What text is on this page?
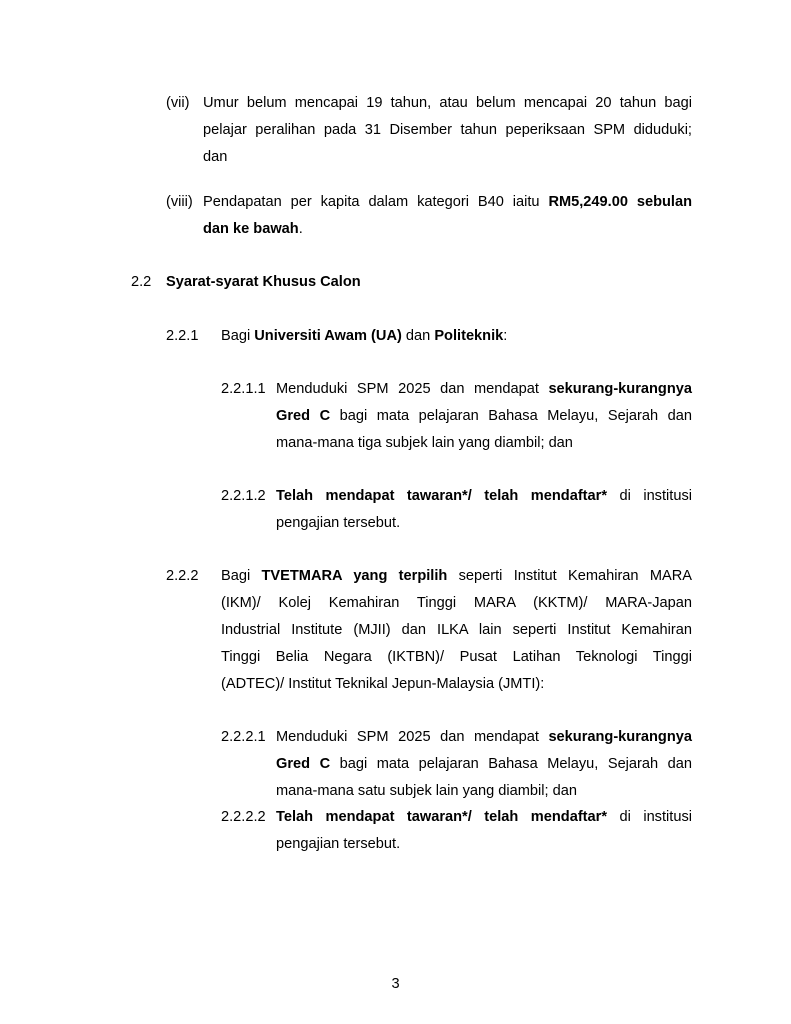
(vii) Umur belum mencapai 19 tahun, atau belum mencapai 20 tahun bagi
pelajar peralihan pada 31 Disember tahun peperiksaan SPM diduduki;
dan
(viii) Pendapatan per kapita dalam kategori B40 iaitu RM5,249.00 sebulan
dan ke bawah.
2.2 Syarat-syarat Khusus Calon
2.2.1 Bagi Universiti Awam (UA) dan Politeknik:
2.2.1.1 Menduduki SPM 2025 dan mendapat sekurang-kurangnya
Gred C bagi mata pelajaran Bahasa Melayu, Sejarah dan
mana-mana tiga subjek lain yang diambil; dan
2.2.1.2 Telah mendapat tawaran*/ telah mendaftar* di institusi
pengajian tersebut.
2.2.2 Bagi TVETMARA yang terpilih seperti Institut Kemahiran MARA
(IKM)/ Kolej Kemahiran Tinggi MARA (KKTM)/ MARA-Japan
Industrial Institute (MJII) dan ILKA lain seperti Institut Kemahiran
Tinggi Belia Negara (IKTBN)/ Pusat Latihan Teknologi Tinggi
(ADTEC)/ Institut Teknikal Jepun-Malaysia (JMTI):
2.2.2.1 Menduduki SPM 2025 dan mendapat sekurang-kurangnya
Gred C bagi mata pelajaran Bahasa Melayu, Sejarah dan
mana-mana satu subjek lain yang diambil; dan
2.2.2.2 Telah mendapat tawaran*/ telah mendaftar* di institusi
pengajian tersebut.
3
